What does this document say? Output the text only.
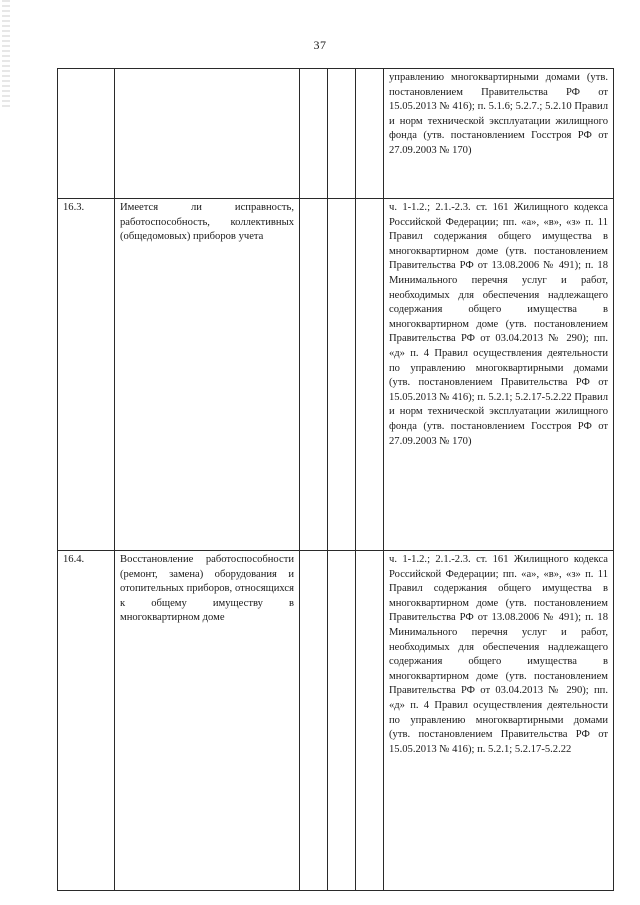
37
					управлению многоквартирными домами (утв. постановлением Правительства РФ от 15.05.2013 № 416); п. 5.1.6; 5.2.7.; 5.2.10 Правил и норм технической эксплуатации жилищного фонда (утв. постановлением Госстроя РФ от 27.09.2003 № 170)
16.3.	Имеется ли исправность, работоспособность, коллективных (общедомовых) приборов учета				ч. 1-1.2.; 2.1.-2.3. ст. 161 Жилищного кодекса Российской Федерации; пп. «а», «в», «з» п. 11 Правил содержания общего имущества в многоквартирном доме (утв. постановлением Правительства РФ от 13.08.2006 № 491); п. 18 Минимального перечня услуг и работ, необходимых для обеспечения надлежащего содержания общего имущества в многоквартирном доме (утв. постановлением Правительства РФ от 03.04.2013 № 290); пп. «д» п. 4 Правил осуществления деятельности по управлению многоквартирными домами (утв. постановлением Правительства РФ от 15.05.2013 № 416); п. 5.2.1; 5.2.17-5.2.22 Правил и норм технической эксплуатации жилищного фонда (утв. постановлением Госстроя РФ от 27.09.2003 № 170)
16.4.	Восстановление работоспособности (ремонт, замена) оборудования и отопительных приборов, относящихся к общему имуществу в многоквартирном доме				ч. 1-1.2.; 2.1.-2.3. ст. 161 Жилищного кодекса Российской Федерации; пп. «а», «в», «з» п. 11 Правил содержания общего имущества в многоквартирном доме (утв. постановлением Правительства РФ от 13.08.2006 № 491); п. 18 Минимального перечня услуг и работ, необходимых для обеспечения надлежащего содержания общего имущества в многоквартирном доме (утв. постановлением Правительства РФ от 03.04.2013 № 290); пп. «д» п. 4 Правил осуществления деятельности по управлению многоквартирными домами (утв. постановлением Правительства РФ от 15.05.2013 № 416); п. 5.2.1; 5.2.17-5.2.22
